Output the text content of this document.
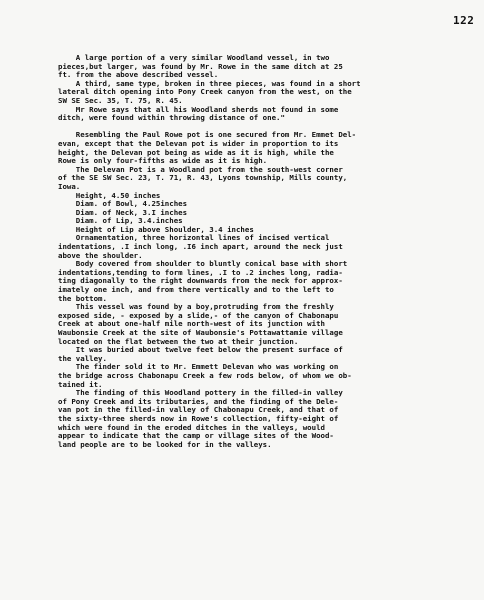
122
A large portion of a very similar Woodland vessel, in two
pieces,but larger, was found by Mr. Rowe in the same ditch at 25
ft. from the above described vessel.
A third, same type, broken in three pieces, was found in a short
lateral ditch opening into Pony Creek canyon from the west, on the
SW SE Sec. 35, T. 75, R. 45.
Mr Rowe says that all his Woodland sherds not found in some
ditch, were found within throwing distance of one."
Resembling the Paul Rowe pot is one secured from Mr. Emmet Del-
evan, except that the Delevan pot is wider in proportion to its
height, the Delevan pot being as wide as it is high, while the
Rowe is only four-fifths as wide as it is high.
The Delevan Pot is a Woodland pot from the south-west corner
of the SE SW Sec. 23, T. 71, R. 43, Lyons township, Mills county,
Iowa.
Height, 4.50 inches
Diam. of Bowl, 4.25inches
Diam. of Neck, 3.I inches
Diam. of Lip, 3.4.inches
Height of Lip above Shoulder, 3.4 inches
Ornamentation, three horizontal lines of incised vertical
indentations, .I inch long, .I6 inch apart, around the neck just
above the shoulder.
Body covered from shoulder to bluntly conical base with short
indentations,tending to form lines, .I to .2 inches long, radia-
ting diagonally to the right downwards from the neck for approx-
imately one inch, and from there vertically and to the left to
the bottom.
This vessel was found by a boy,protruding from the freshly
exposed side, - exposed by a slide,- of the canyon of Chabonapu
Creek at about one-half mile north-west of its junction with
Waubonsie Creek at the site of Waubonsie's Pottawattamie village
located on the flat between the two at their junction.
It was buried about twelve feet below the present surface of
the valley.
The finder sold it to Mr. Emmett Delevan who was working on
the bridge across Chabonapu Creek a few rods below, of whom we ob-
tained it.
The finding of this Woodland pottery in the filled-in valley
of Pony Creek and its tributaries, and the finding of the Dele-
van pot in the filled-in valley of Chabonapu Creek, and that of
the sixty-three sherds now in Rowe's collection, fifty-eight of
which were found in the eroded ditches in the valleys, would
appear to indicate that the camp or village sites of the Wood-
land people are to be looked for in the valleys.
